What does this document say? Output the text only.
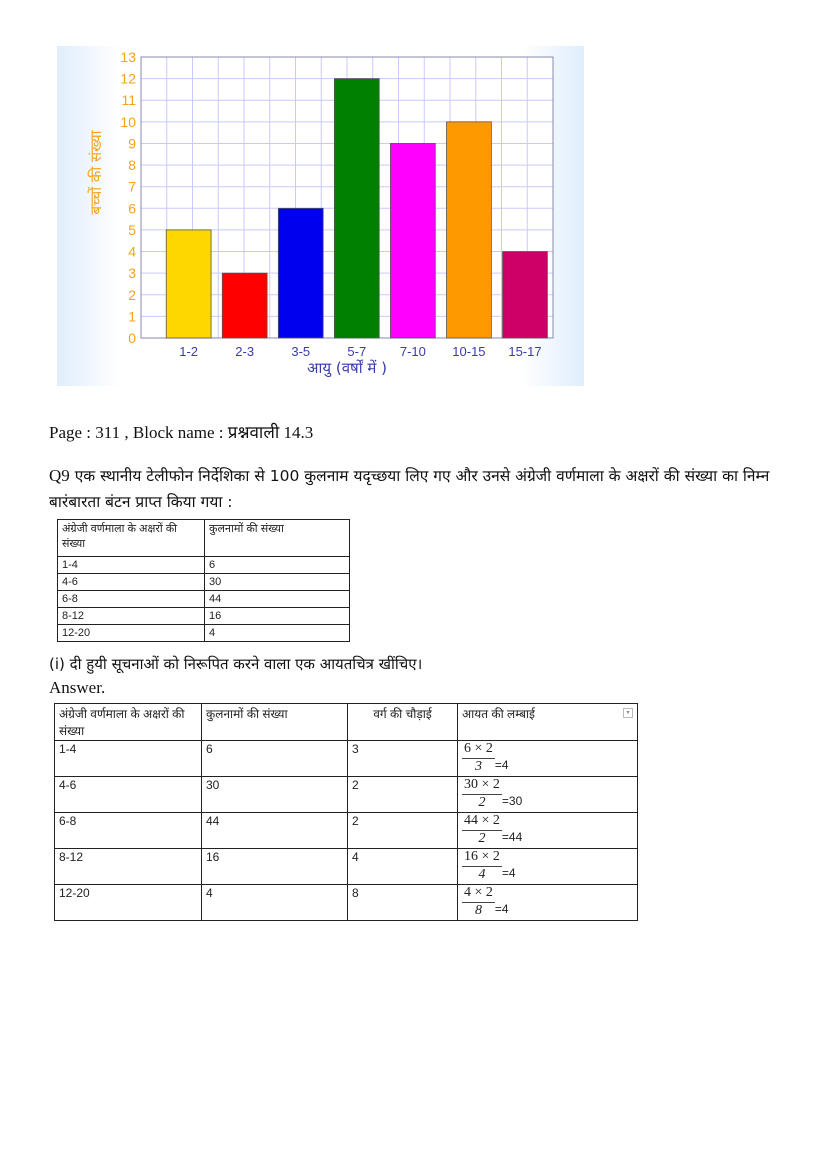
0
1
2
3
4
5
6
7
8
9
10
11
12
13
1-2	2-3	3-5	5-7	7-10 10-15 15-17
आयु (वर्षों में )
बच्चों की संख्या
Page : 311 , Block name : प्रश्नवाली 14.3
Q9 एक स्थानीय टेलीफोन निर्देशिका से 100 कुलनाम यदृच्छया लिए गए और उनसे अंग्रेजी वर्णमाला के अक्षरों की संख्या का निम्न बारंबारता बंटन प्राप्त किया गया :
अंग्रेजी वर्णमाला के अक्षरों की संख्या	कुलनामों की संख्या
1-4	6
4-6	30
6-8	44
8-12	16
12-20	4
(i) दी हुयी सूचनाओं को निरूपित करने वाला एक आयतचित्र खींचिए।
Answer.
अंग्रेजी वर्णमाला के अक्षरों की संख्या	कुलनामों की संख्या	वर्ग की चौड़ाई	आयत की लम्बाई ▾

1-4	6	3	$\frac{6 \times 2}{3} =4$

4-6	30	2	$\frac{30 \times 2}{2} =30$

6-8	44	2	$\frac{44 \times 2}{2} =44$

8-12	16	4	$\frac{16 \times 2}{4} =4$

12-20	4	8	$\frac{4 \times 2}{8} =4$
